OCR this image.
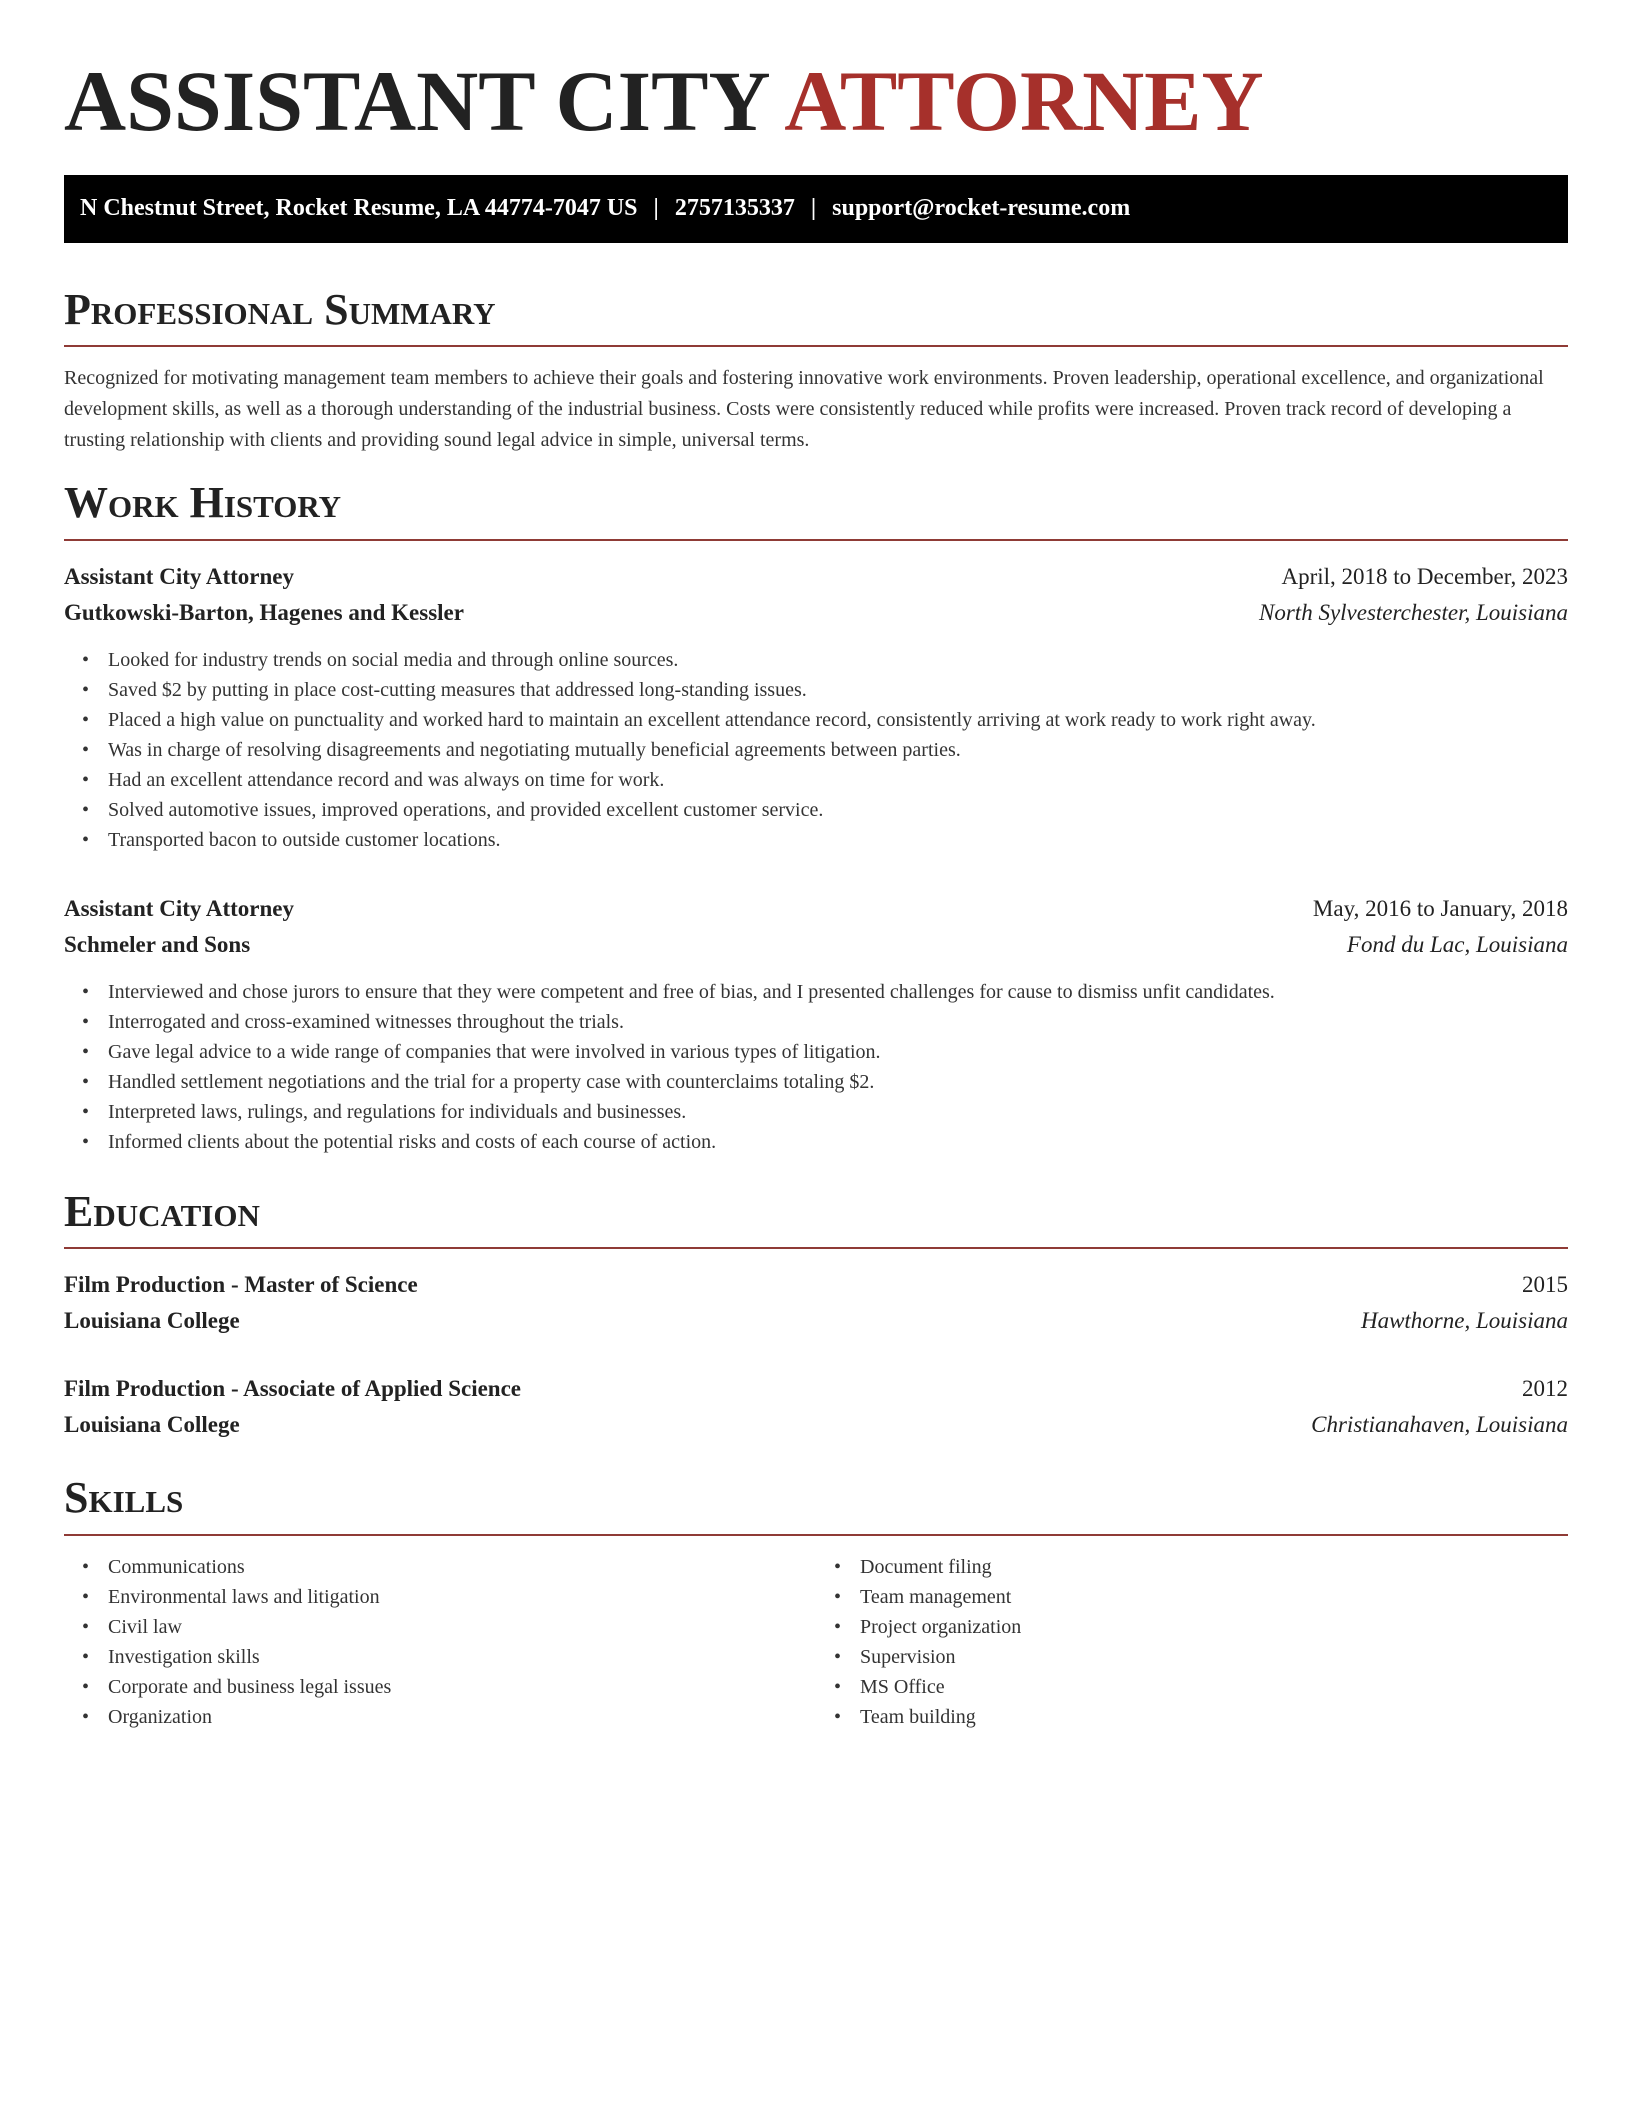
ASSISTANT CITY ATTORNEY
N Chestnut Street, Rocket Resume, LA 44774-7047 US | 2757135337 | support@rocket-resume.com
Professional Summary

Recognized for motivating management team members to achieve their goals and fostering innovative work environments. Proven leadership, operational excellence, and organizational development skills, as well as a thorough understanding of the industrial business. Costs were consistently reduced while profits were increased. Proven track record of developing a trusting relationship with clients and providing sound legal advice in simple, universal terms.

Work History
Assistant City Attorney	April, 2018 to December, 2023
Gutkowski-Barton, Hagenes and Kessler	North Sylvesterchester, Louisiana
• Looked for industry trends on social media and through online sources.
• Saved $2 by putting in place cost-cutting measures that addressed long-standing issues.
• Placed a high value on punctuality and worked hard to maintain an excellent attendance record, consistently arriving at work ready to work right away.
• Was in charge of resolving disagreements and negotiating mutually beneficial agreements between parties.
• Had an excellent attendance record and was always on time for work.
• Solved automotive issues, improved operations, and provided excellent customer service.
• Transported bacon to outside customer locations.
Assistant City Attorney	May, 2016 to January, 2018
Schmeler and Sons	Fond du Lac, Louisiana
• Interviewed and chose jurors to ensure that they were competent and free of bias, and I presented challenges for cause to dismiss unfit candidates.
• Interrogated and cross-examined witnesses throughout the trials.
• Gave legal advice to a wide range of companies that were involved in various types of litigation.
• Handled settlement negotiations and the trial for a property case with counterclaims totaling $2.
• Interpreted laws, rulings, and regulations for individuals and businesses.
• Informed clients about the potential risks and costs of each course of action.
Education
Film Production - Master of Science	2015
Louisiana College	Hawthorne, Louisiana
Film Production - Associate of Applied Science	2012
Louisiana College	Christianahaven, Louisiana
Skills
• Communications
• Environmental laws and litigation
• Civil law
• Investigation skills
• Corporate and business legal issues
• Organization
• Document filing
• Team management
• Project organization
• Supervision
• MS Office
• Team building
